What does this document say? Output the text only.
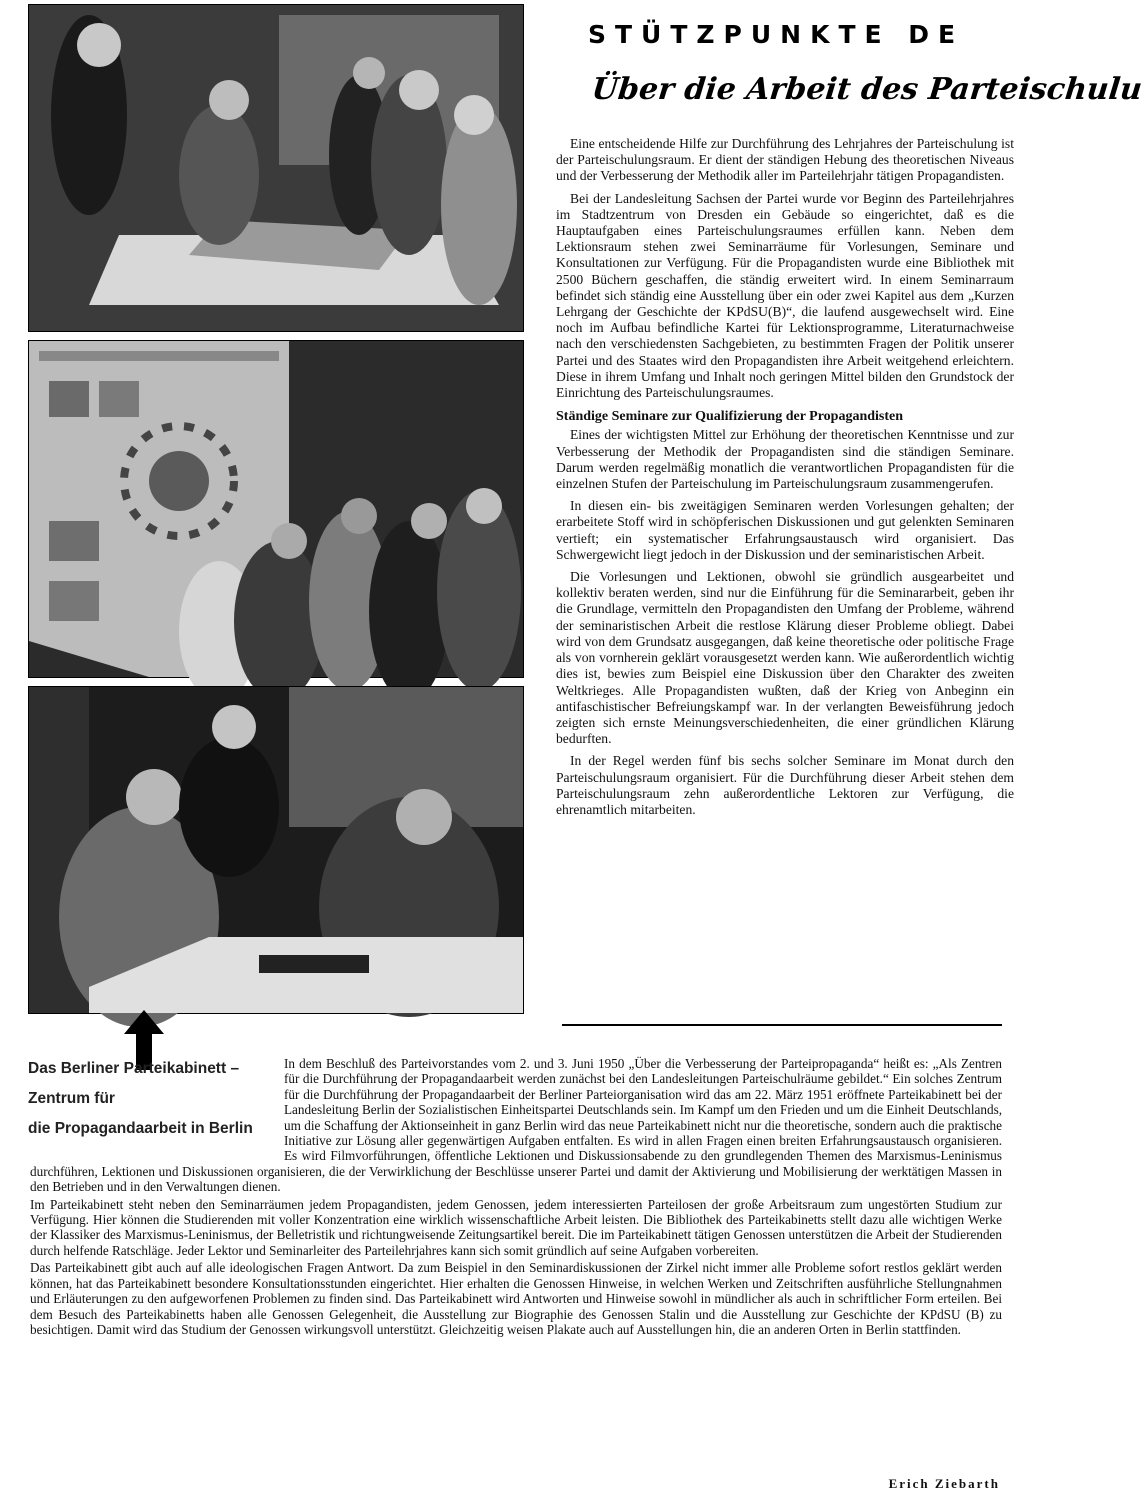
STÜTZPUNKTE DE
Über die Arbeit des Parteischulu

Eine entscheidende Hilfe zur Durchführung des Lehrjahres der Parteischulung ist der Parteischulungsraum. Er dient der ständigen Hebung des theoretischen Niveaus und der Verbesserung der Methodik aller im Parteilehrjahr tätigen Propagandisten.

Bei der Landesleitung Sachsen der Partei wurde vor Beginn des Parteilehrjahres im Stadtzentrum von Dresden ein Gebäude so eingerichtet, daß es die Hauptaufgaben eines Parteischulungsraumes erfüllen kann. Neben dem Lektionsraum stehen zwei Seminarräume für Vorlesungen, Seminare und Konsultationen zur Verfügung. Für die Propagandisten wurde eine Bibliothek mit 2500 Büchern geschaffen, die ständig erweitert wird. In einem Seminarraum befindet sich ständig eine Ausstellung über ein oder zwei Kapitel aus dem „Kurzen Lehrgang der Geschichte der KPdSU(B)“, die laufend ausgewechselt wird. Eine noch im Aufbau befindliche Kartei für Lektionsprogramme, Literaturnachweise nach den verschiedensten Sachgebieten, zu bestimmten Fragen der Politik unserer Partei und des Staates wird den Propagandisten ihre Arbeit weitgehend erleichtern. Diese in ihrem Umfang und Inhalt noch geringen Mittel bilden den Grundstock der Einrichtung des Parteischulungsraumes.

Ständige Seminare zur Qualifizierung der Propagandisten

Eines der wichtigsten Mittel zur Erhöhung der theoretischen Kenntnisse und zur Verbesserung der Methodik der Propagandisten sind die ständigen Seminare. Darum werden regelmäßig monatlich die verantwortlichen Propagandisten für die einzelnen Stufen der Parteischulung im Parteischulungsraum zusammengerufen.

In diesen ein- bis zweitägigen Seminaren werden Vorlesungen gehalten; der erarbeitete Stoff wird in schöpferischen Diskussionen und gut gelenkten Seminaren vertieft; ein systematischer Erfahrungsaustausch wird organisiert. Das Schwergewicht liegt jedoch in der Diskussion und der seminaristischen Arbeit.

Die Vorlesungen und Lektionen, obwohl sie gründlich ausgearbeitet und kollektiv beraten werden, sind nur die Einführung für die Seminararbeit, geben ihr die Grundlage, vermitteln den Propagandisten den Umfang der Probleme, während der seminaristischen Arbeit die restlose Klärung dieser Probleme obliegt. Dabei wird von dem Grundsatz ausgegangen, daß keine theoretische oder politische Frage als von vornherein geklärt vorausgesetzt werden kann. Wie außerordentlich wichtig dies ist, bewies zum Beispiel eine Diskussion über den Charakter des zweiten Weltkrieges. Alle Propagandisten wußten, daß der Krieg von Anbeginn ein antifaschistischer Befreiungskampf war. In der verlangten Beweisführung jedoch zeigten sich ernste Meinungsverschiedenheiten, die einer gründlichen Klärung bedurften.

In der Regel werden fünf bis sechs solcher Seminare im Monat durch den Parteischulungsraum organisiert. Für die Durchführung dieser Arbeit stehen dem Parteischulungsraum zehn außerordentliche Lektoren zur Verfügung, die ehrenamtlich mitarbeiten.

Das Berliner Parteikabinett –
Zentrum für
die Propagandaarbeit in Berlin

In dem Beschluß des Parteivorstandes vom 2. und 3. Juni 1950 „Über die Verbesserung der Parteipropaganda“ heißt es: „Als Zentren für die Durchführung der Propagandaarbeit werden zunächst bei den Landesleitungen Parteischulräume gebildet.“ Ein solches Zentrum für die Durchführung der Propagandaarbeit der Berliner Parteiorganisation wird das am 22. März 1951 eröffnete Parteikabinett bei der Landesleitung Berlin der Sozialistischen Einheitspartei Deutschlands sein. Im Kampf um den Frieden und um die Einheit Deutschlands, um die Schaffung der Aktionseinheit in ganz Berlin wird das neue Parteikabinett nicht nur die theoretische, sondern auch die praktische Initiative zur Lösung aller gegenwärtigen Aufgaben entfalten. Es wird in allen Fragen einen breiten Erfahrungsaustausch organisieren. Es wird Filmvorführungen, öffentliche Lektionen und Diskussionsabende zu den grundlegenden Themen des Marxismus-Leninismus durchführen, Lektionen und Diskussionen organisieren, die der Verwirklichung der Beschlüsse unserer Partei und damit der Aktivierung und Mobilisierung der werktätigen Massen in den Betrieben und in den Verwaltungen dienen.

Im Parteikabinett steht neben den Seminarräumen jedem Propagandisten, jedem Genossen, jedem interessierten Parteilosen der große Arbeitsraum zum ungestörten Studium zur Verfügung. Hier können die Studierenden mit voller Konzentration eine wirklich wissenschaftliche Arbeit leisten. Die Bibliothek des Parteikabinetts stellt dazu alle wichtigen Werke der Klassiker des Marxismus-Leninismus, der Belletristik und richtungweisende Zeitungsartikel bereit. Die im Parteikabinett tätigen Genossen unterstützen die Arbeit der Studierenden durch helfende Ratschläge. Jeder Lektor und Seminarleiter des Parteilehrjahres kann sich somit gründlich auf seine Aufgaben vorbereiten.

Das Parteikabinett gibt auch auf alle ideologischen Fragen Antwort. Da zum Beispiel in den Seminardiskussionen der Zirkel nicht immer alle Probleme sofort restlos geklärt werden können, hat das Parteikabinett besondere Konsultationsstunden eingerichtet. Hier erhalten die Genossen Hinweise, in welchen Werken und Zeitschriften ausführliche Stellungnahmen und Erläuterungen zu den aufgeworfenen Problemen zu finden sind. Das Parteikabinett wird Antworten und Hinweise sowohl in mündlicher als auch in schriftlicher Form erteilen. Bei dem Besuch des Parteikabinetts haben alle Genossen Gelegenheit, die Ausstellung zur Biographie des Genossen Stalin und die Ausstellung zur Geschichte der KPdSU (B) zu besichtigen. Damit wird das Studium der Genossen wirkungsvoll unterstützt. Gleichzeitig weisen Plakate auch auf Ausstellungen hin, die an anderen Orten in Berlin stattfinden.

Erich Ziebarth
